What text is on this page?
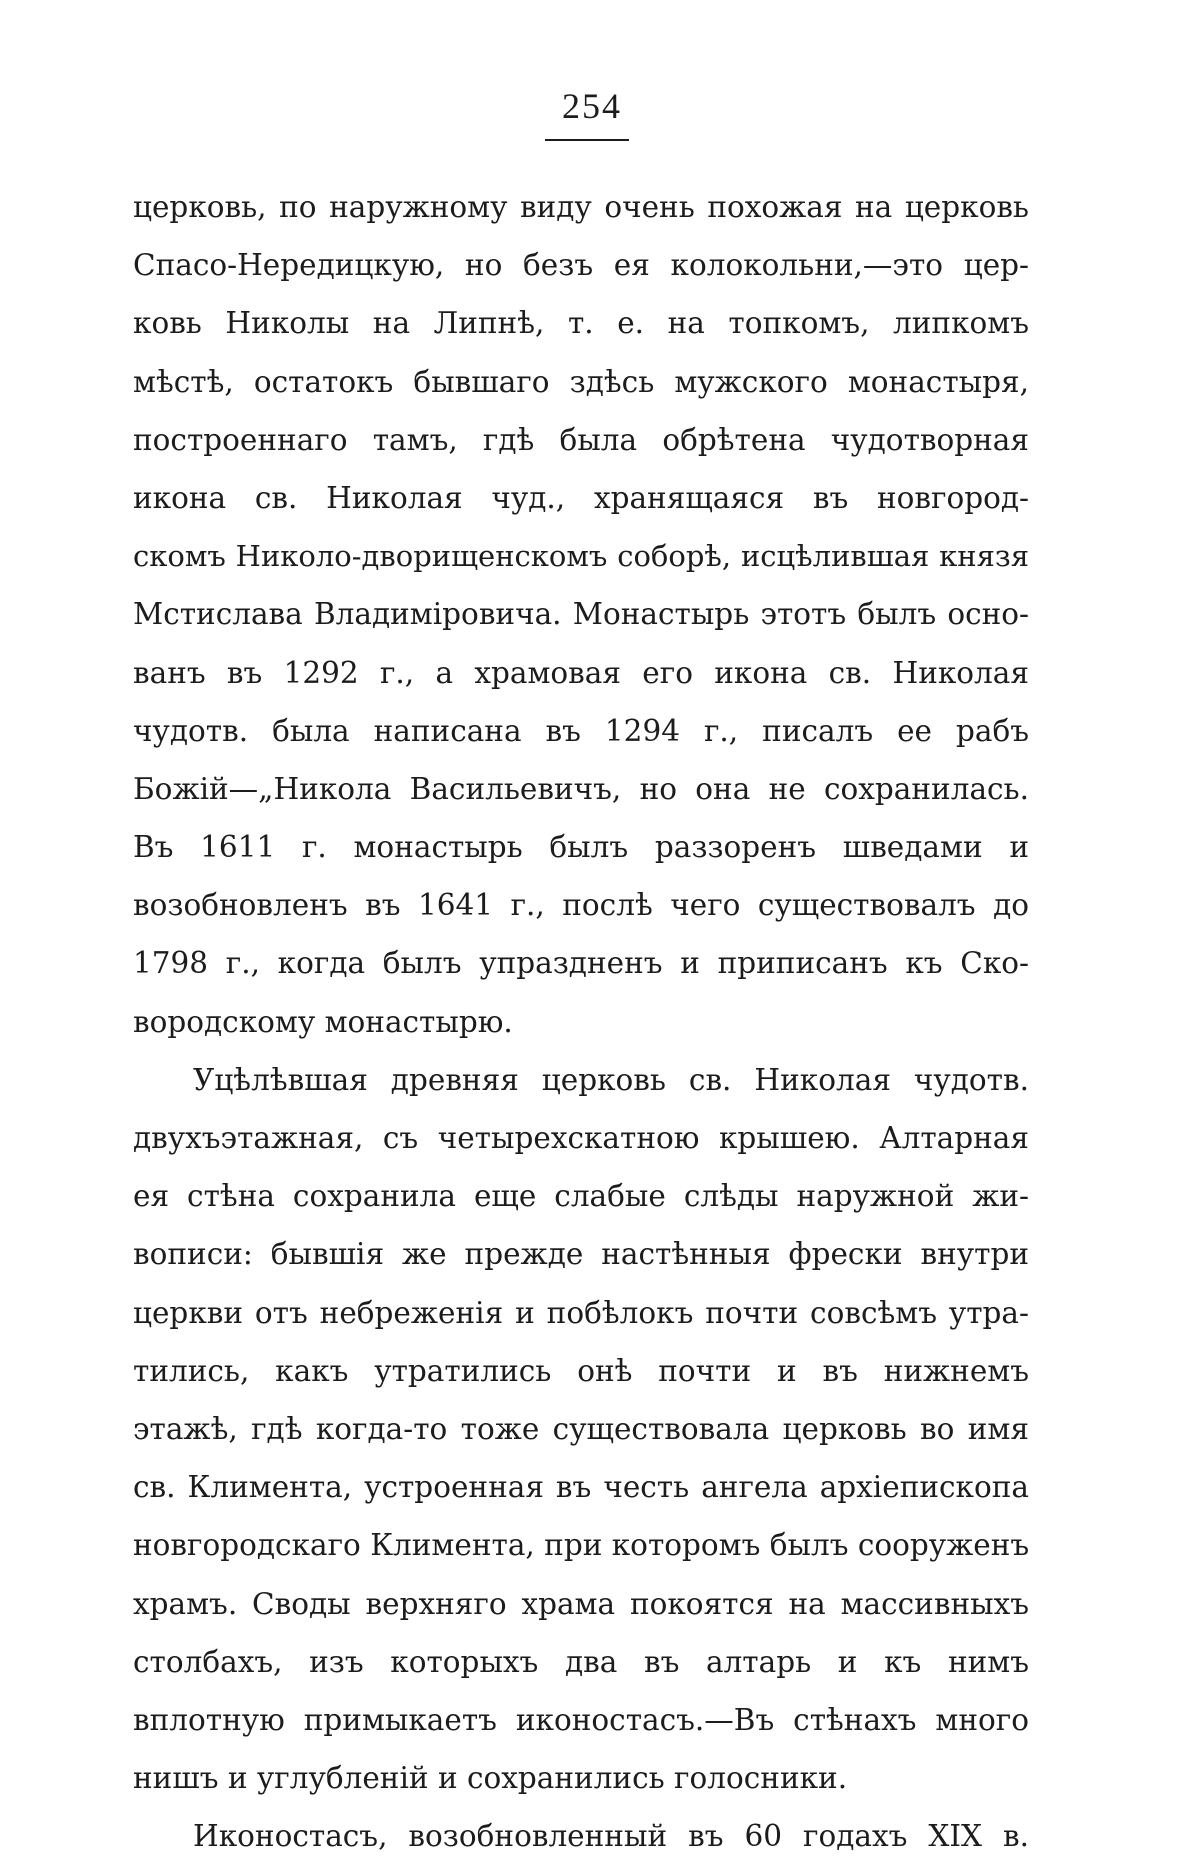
254
церковь, по наружному виду очень похожая на церковь
Спасо-Нередицкую, но безъ ея колокольни,—это цер-
ковь Николы на Липнѣ, т. е. на топкомъ, липкомъ
мѣстѣ, остатокъ бывшаго здѣсь мужского монастыря,
построеннаго тамъ, гдѣ была обрѣтена чудотворная
икона св. Николая чуд., хранящаяся въ новгород-
скомъ Николо-дворищенскомъ соборѣ, исцѣлившая князя
Мстислава Владимiровича. Монастырь этотъ былъ осно-
ванъ въ 1292 г., а храмовая его икона св. Николая
чудотв. была написана въ 1294 г., писалъ ее рабъ
Божiй—„Никола Васильевичъ, но она не сохранилась.
Въ 1611 г. монастырь былъ раззоренъ шведами и
возобновленъ въ 1641 г., послѣ чего существовалъ до
1798 г., когда былъ упраздненъ и приписанъ къ Ско-
вородскому монастырю.
Уцѣлѣвшая древняя церковь св. Николая чудотв.
двухъэтажная, съ четырехскатною крышею. Алтарная
ея стѣна сохранила еще слабые слѣды наружной жи-
вописи: бывшiя же прежде настѣнныя фрески внутри
церкви отъ небреженiя и побѣлокъ почти совсѣмъ утра-
тились, какъ утратились онѣ почти и въ нижнемъ
этажѣ, гдѣ когда-то тоже существовала церковь во имя
св. Климента, устроенная въ честь ангела архiепископа
новгородскаго Климента, при которомъ былъ сооруженъ
храмъ. Своды верхняго храма покоятся на массивныхъ
столбахъ, изъ которыхъ два въ алтарь и къ нимъ
вплотную примыкаетъ иконостасъ.—Въ стѣнахъ много
нишъ и углубленiй и сохранились голосники.
Иконостасъ, возобновленный въ 60 годахъ XIX в.
